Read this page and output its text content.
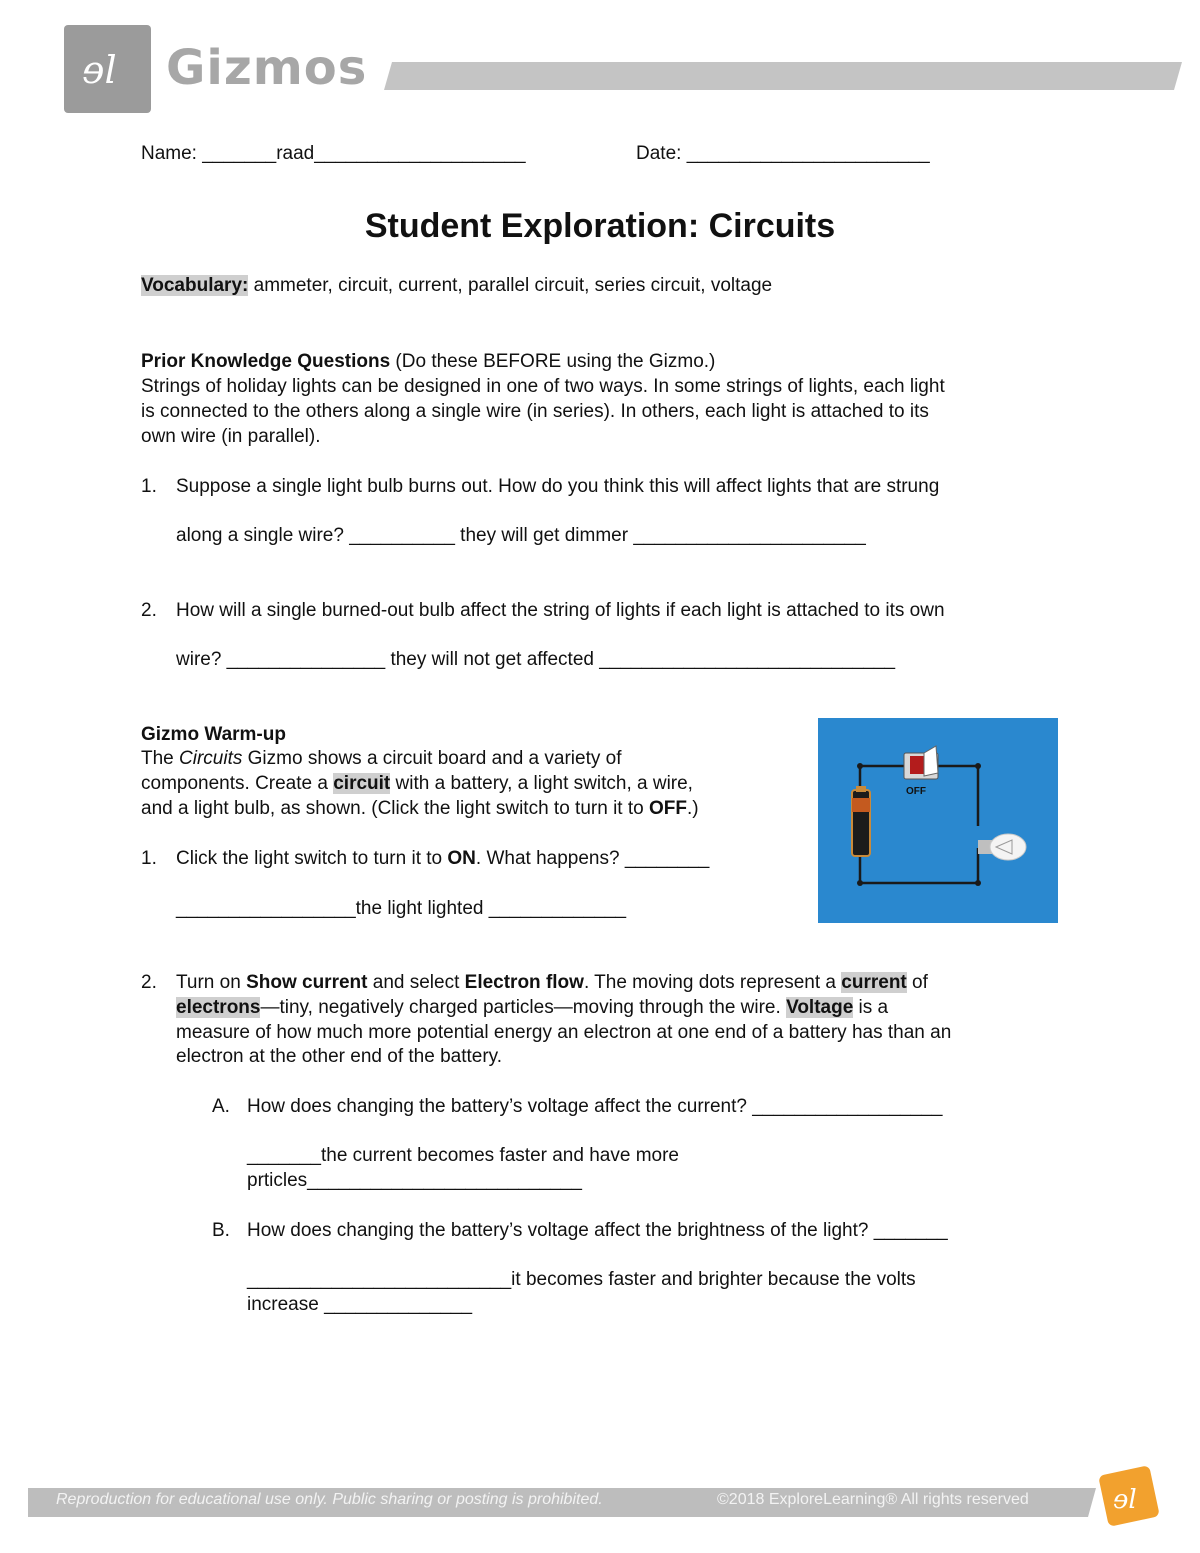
ɘl Gizmos
Name: _______raad____________________	Date: _______________________
Student Exploration: Circuits
Vocabulary: ammeter, circuit, current, parallel circuit, series circuit, voltage
Prior Knowledge Questions (Do these BEFORE using the Gizmo.)
Strings of holiday lights can be designed in one of two ways. In some strings of lights, each light
is connected to the others along a single wire (in series). In others, each light is attached to its
own wire (in parallel).
1. Suppose a single light bulb burns out. How do you think this will affect lights that are strung
along a single wire? __________ they will get dimmer ______________________
2. How will a single burned-out bulb affect the string of lights if each light is attached to its own
wire? _______________ they will not get affected ____________________________
Gizmo Warm-up
The Circuits Gizmo shows a circuit board and a variety of
components. Create a circuit with a battery, a light switch, a wire,
and a light bulb, as shown. (Click the light switch to turn it to OFF.)
1. Click the light switch to turn it to ON. What happens? ________
_________________the light lighted _____________
OFF
2. Turn on Show current and select Electron flow. The moving dots represent a current of
electrons—tiny, negatively charged particles—moving through the wire. Voltage is a
measure of how much more potential energy an electron at one end of a battery has than an
electron at the other end of the battery.
A. How does changing the battery’s voltage affect the current? __________________
_______the current becomes faster and have more
prticles__________________________
B. How does changing the battery’s voltage affect the brightness of the light? _______
_________________________it becomes faster and brighter because the volts
increase ______________
Reproduction for educational use only. Public sharing or posting is prohibited.	©2018 ExploreLearning® All rights reserved	ɘl
